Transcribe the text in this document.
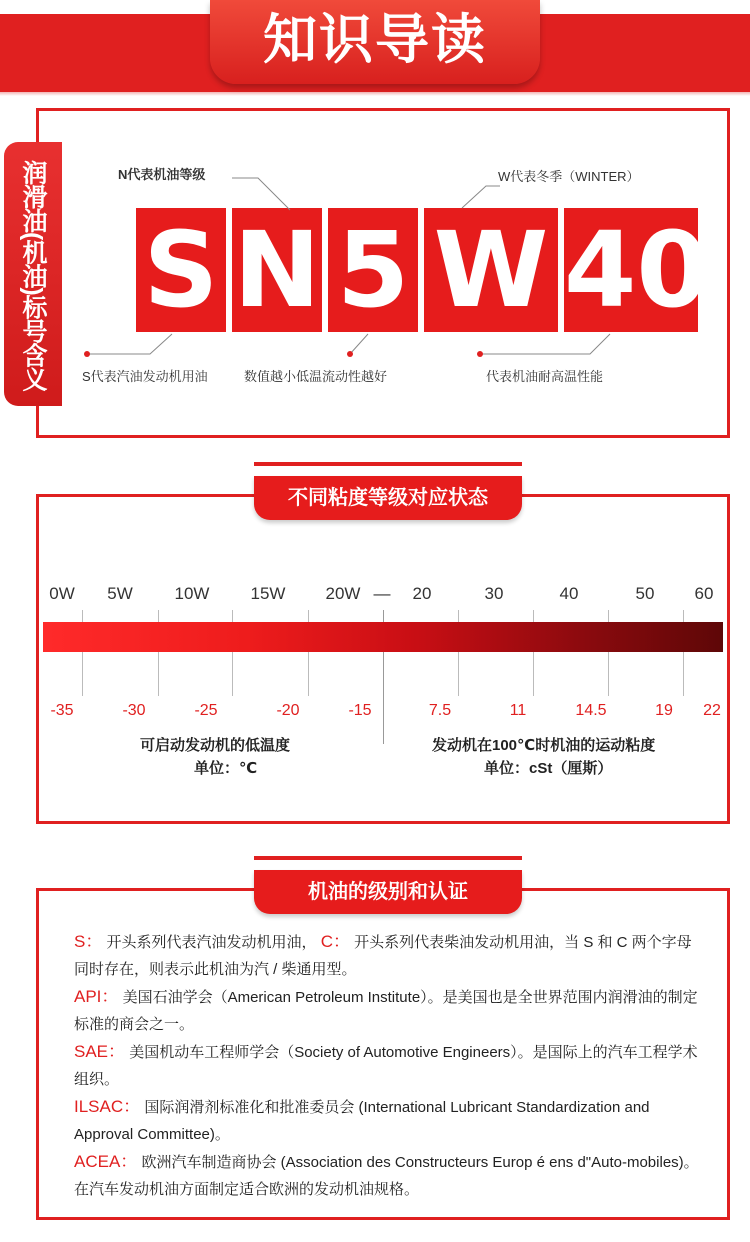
知识导读
润滑油(机油)标号含义 S N 5 W 40
N代表机油等级	W代表冬季（WINTER）
S代表汽油发动机用油	数值越小低温流动性越好	代表机油耐高温性能
不同粘度等级对应状态
0W 5W 10W 15W 20W — 20	30	40	50 60
-35	-30	-25	-20	-15	7.5	11	14.5	19 22
可启动发动机的低温度
单位：℃
发动机在100℃时机油的运动粘度
单位：cSt（厘斯）
机油的级别和认证

S： 开头系列代表汽油发动机用油， C： 开头系列代表柴油发动机用油，当 S 和 C 两个字母同时存在，则表示此机油为汽 / 柴通用型。

API： 美国石油学会（American Petroleum Institute）。是美国也是全世界范围内润滑油的制定标准的商会之一。

SAE： 美国机动车工程师学会（Society of Automotive Engineers）。是国际上的汽车工程学术组织。

ILSAC： 国际润滑剂标准化和批准委员会 (International Lubricant Standardization and Approval Committee)。

ACEA： 欧洲汽车制造商协会 (Association des Constructeurs Europ é ens d"Auto-mobiles)。在汽车发动机油方面制定适合欧洲的发动机油规格。
